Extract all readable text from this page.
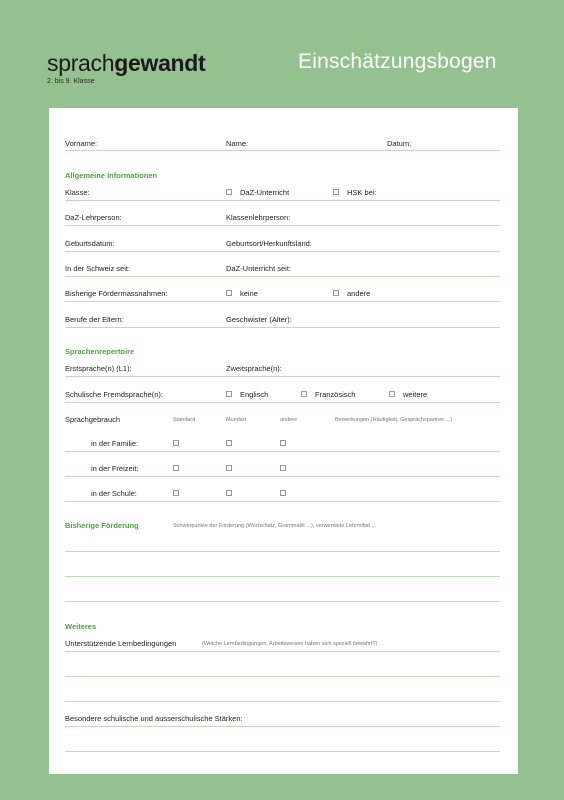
sprachgewandt
2. bis 9. Klasse
Einschätzungsbogen
Vorname:	Name:	Datum:
Allgemeine Informationen
Klasse:	DaZ-Unterricht	HSK bei:
DaZ-Lehrperson:	Klassenlehrperson:
Geburtsdatum:	Geburtsort/Herkunftsland:
In der Schweiz seit:	DaZ-Unterricht seit:
Bisherige Fördermassnahmen:	keine	andere
Berufe der Eltern:	Geschwister (Alter):
Sprachenrepertoire
Erstsprache(n) (L1):	Zweitsprache(n):
Schulische Fremdsprache(n):	Englisch	Französisch	weitere
Sprachgebrauch	Standard	Mundart	andere	Bemerkungen (Häufigkeit, Gesprächspartner ...)
in der Familie:
in der Freizeit:
in der Schule:
Bisherige Förderung	Schwerpunkte der Förderung (Wortschatz, Grammatik ...), verwendete Lehrmittel ...
Weiteres
Unterstützende Lernbedingungen	(Welche Lernbedingungen, Arbeitsweisen haben sich speziell bewährt?)
Besondere schulische und ausserschulische Stärken:
